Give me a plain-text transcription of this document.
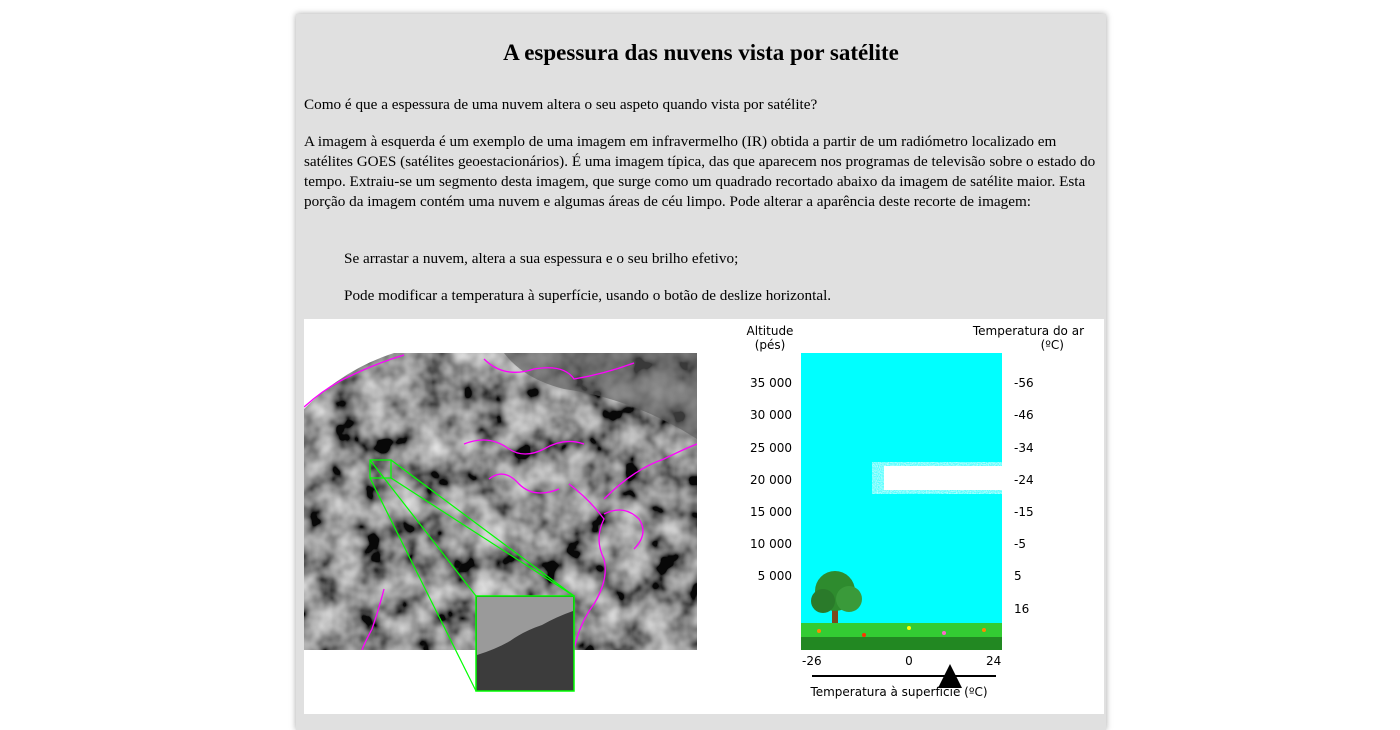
A espessura das nuvens vista por satélite

Como é que a espessura de uma nuvem altera o seu aspeto quando vista por satélite?

A imagem à esquerda é um exemplo de uma imagem em infravermelho (IR) obtida a partir de um radiómetro localizado em satélites GOES (satélites geoestacionários). É uma imagem típica, das que aparecem nos programas de televisão sobre o estado do tempo. Extraiu-se um segmento desta imagem, que surge como um quadrado recortado abaixo da imagem de satélite maior. Esta porção da imagem contém uma nuvem e algumas áreas de céu limpo. Pode alterar a aparência deste recorte de imagem:

Se arrastar a nuvem, altera a sua espessura e o seu brilho efetivo;

Pode modificar a temperatura à superfície, usando o botão de deslize horizontal.

Altitude
(pés)
Temperatura do ar
(ºC)
35 000
30 000
25 000
20 000
15 000
10 000
5 000
-56
-46
-34
-24
-15
-5
5
16
-26	0	24
Temperatura à superfície (ºC)
